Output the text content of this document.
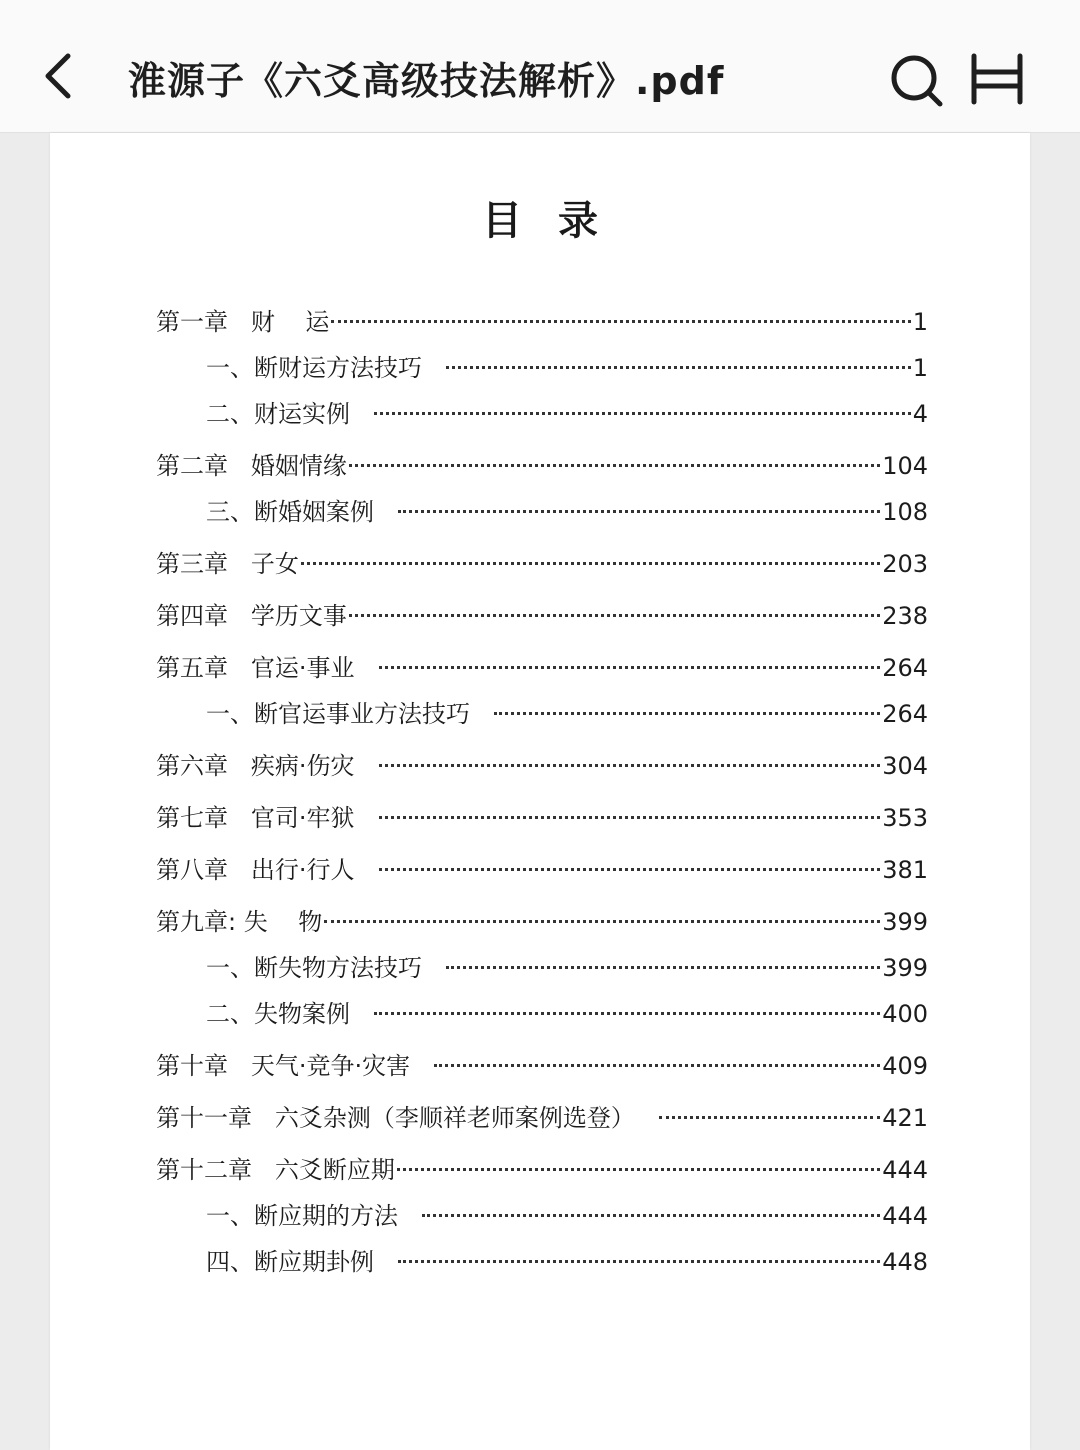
淮源子《六爻高级技法解析》.pdf
目录
第一章   财    运	1
一、断财运方法技巧	1
二、财运实例	4
第二章   婚姻情缘	104
三、断婚姻案例	108
第三章   子女	203
第四章   学历文事	238
第五章   官运·事业	264
一、断官运事业方法技巧	264
第六章   疾病·伤灾	304
第七章   官司·牢狱	353
第八章   出行·行人	381
第九章: 失    物	399
一、断失物方法技巧	399
二、失物案例	400
第十章   天气·竞争·灾害	409
第十一章   六爻杂测（李顺祥老师案例选登）	421
第十二章   六爻断应期	444
一、断应期的方法	444
四、断应期卦例	448
